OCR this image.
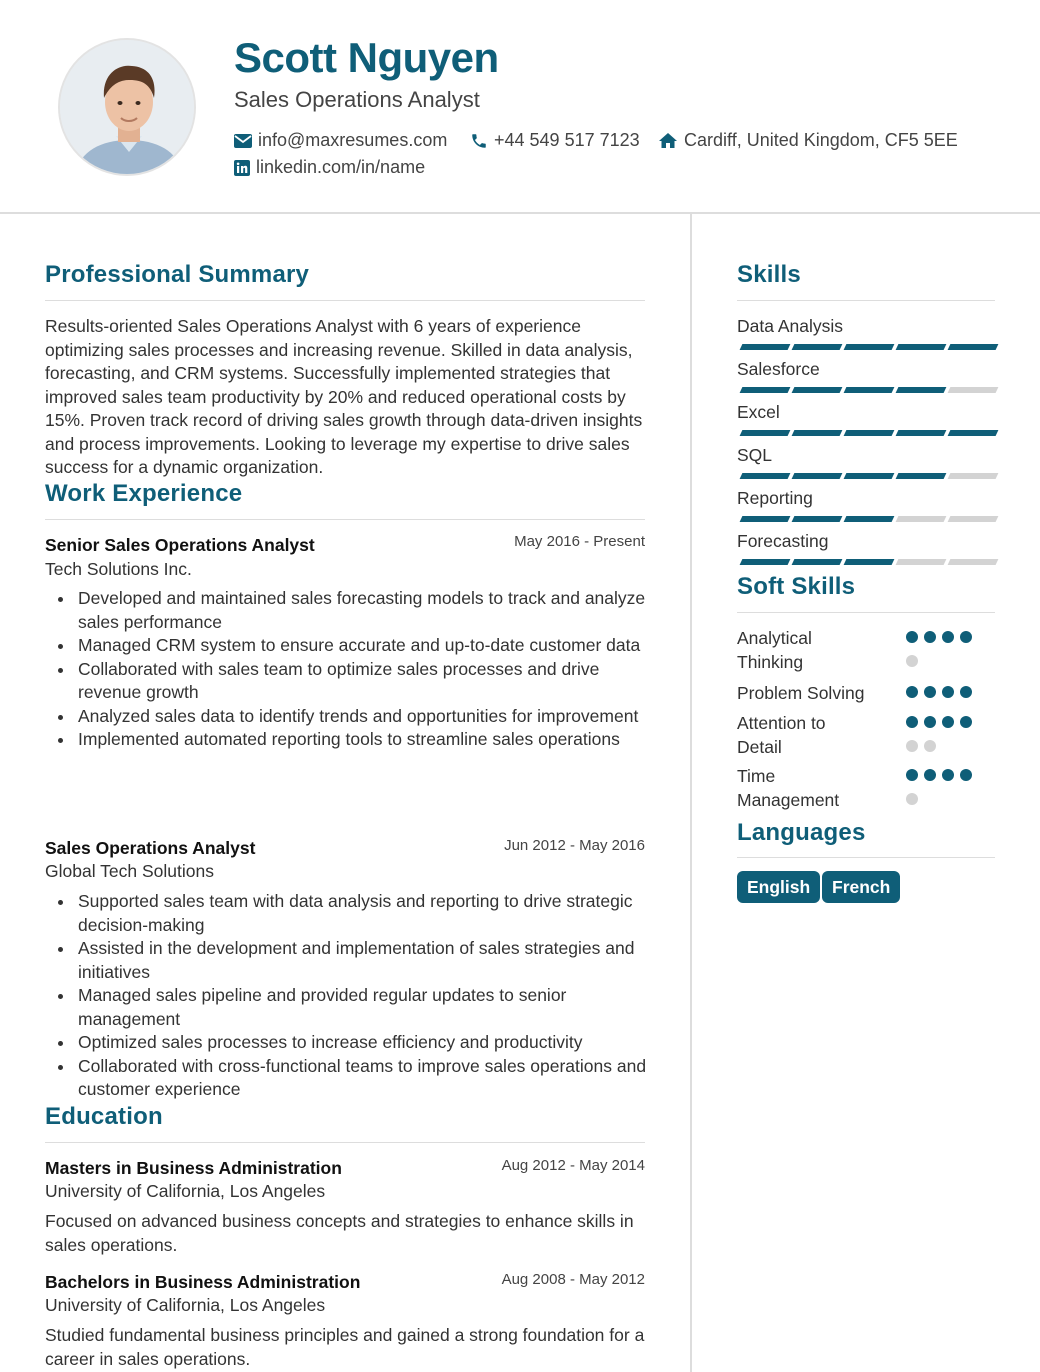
Scott Nguyen
Sales Operations Analyst
info@maxresumes.com	+44 549 517 7123 Cardiff, United Kingdom, CF5 5EE
linkedin.com/in/name
Professional Summary
Results-oriented Sales Operations Analyst with 6 years of experience optimizing sales processes and increasing revenue. Skilled in data analysis, forecasting, and CRM systems. Successfully implemented strategies that improved sales team productivity by 20% and reduced operational costs by 15%. Proven track record of driving sales growth through data-driven insights and process improvements. Looking to leverage my expertise to drive sales success for a dynamic organization.
Work Experience
Senior Sales Operations Analyst	May 2016 - Present
Tech Solutions Inc.
Developed and maintained sales forecasting models to track and analyze sales performance
Managed CRM system to ensure accurate and up-to-date customer data
Collaborated with sales team to optimize sales processes and drive revenue growth
Analyzed sales data to identify trends and opportunities for improvement
Implemented automated reporting tools to streamline sales operations
Sales Operations Analyst	Jun 2012 - May 2016
Global Tech Solutions
Supported sales team with data analysis and reporting to drive strategic decision-making
Assisted in the development and implementation of sales strategies and initiatives
Managed sales pipeline and provided regular updates to senior management
Optimized sales processes to increase efficiency and productivity
Collaborated with cross-functional teams to improve sales operations and customer experience
Education
Masters in Business Administration	Aug 2012 - May 2014
University of California, Los Angeles
Focused on advanced business concepts and strategies to enhance skills in sales operations.
Bachelors in Business Administration	Aug 2008 - May 2012
University of California, Los Angeles
Studied fundamental business principles and gained a strong foundation for a career in sales operations.
Skills
Data Analysis
Salesforce
Excel
SQL
Reporting
Forecasting
Soft Skills
Analytical Thinking
Problem Solving
Attention to Detail
Time Management
Languages
English	French
